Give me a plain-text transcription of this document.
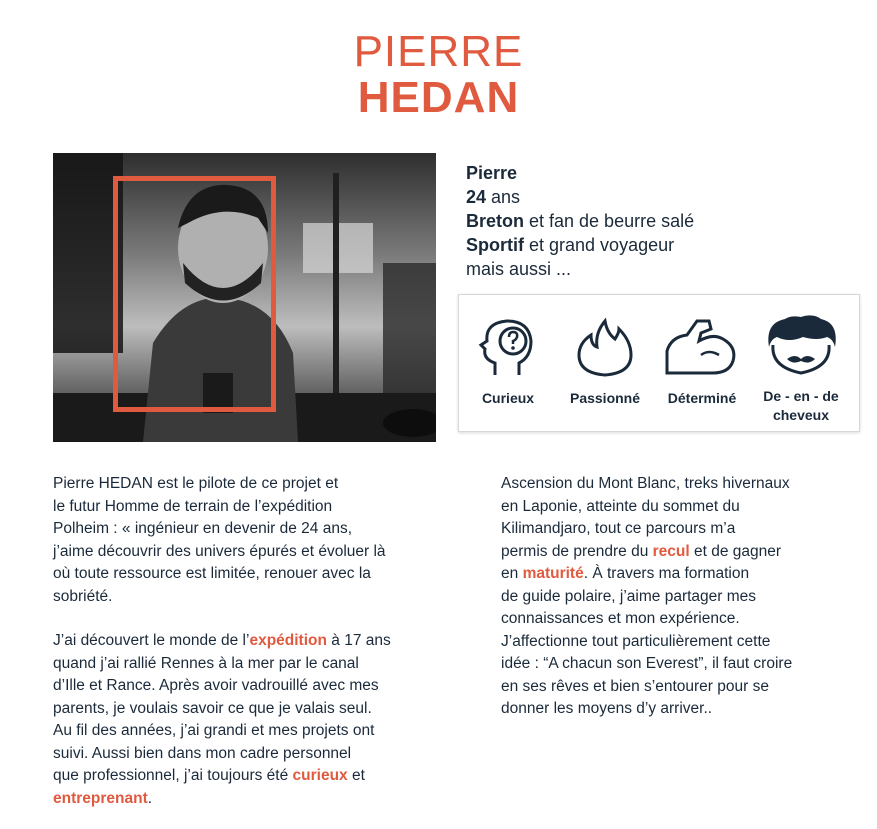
PIERRE
HEDAN
Pierre
24 ans
Breton et fan de beurre salé
Sportif et grand voyageur
mais aussi ...
Curieux	Passionné	Déterminé	De - en - de
cheveux
Pierre HEDAN est le pilote de ce projet et
le futur Homme de terrain de l’expédition
Polheim : « ingénieur en devenir de 24 ans,
j’aime découvrir des univers épurés et évoluer là
où toute ressource est limitée, renouer avec la
sobriété.
J’ai découvert le monde de l’expédition à 17 ans
quand j’ai rallié Rennes à la mer par le canal
d’Ille et Rance. Après avoir vadrouillé avec mes
parents, je voulais savoir ce que je valais seul.
Au fil des années, j’ai grandi et mes projets ont
suivi. Aussi bien dans mon cadre personnel
que professionnel, j’ai toujours été curieux et
entreprenant.
Ascension du Mont Blanc, treks hivernaux
en Laponie, atteinte du sommet du
Kilimandjaro, tout ce parcours m’a
permis de prendre du recul et de gagner
en maturité. À travers ma formation
de guide polaire, j’aime partager mes
connaissances et mon expérience.
J’affectionne tout particulièrement cette
idée : “A chacun son Everest”, il faut croire
en ses rêves et bien s’entourer pour se
donner les moyens d’y arriver..
